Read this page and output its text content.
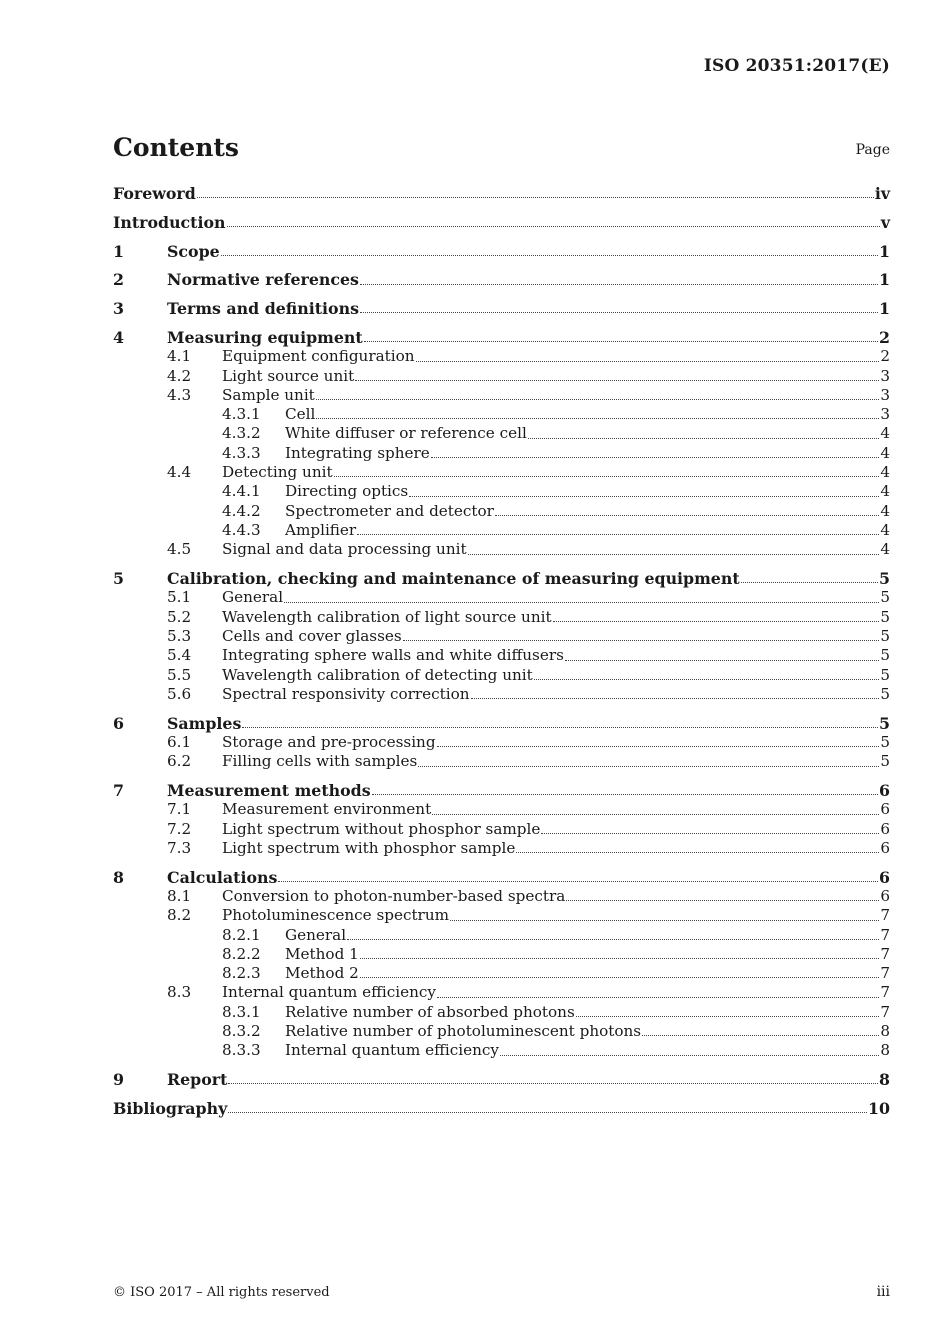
ISO 20351:2017(E)
Contents	Page
Foreword	iv
Introduction	v
1	Scope	1
2	Normative references	1
3	Terms and definitions	1
4	Measuring equipment	2
4.1	Equipment configuration	2
4.2	Light source unit	3
4.3	Sample unit	3
4.3.1	Cell	3
4.3.2	White diffuser or reference cell	4
4.3.3	Integrating sphere	4
4.4	Detecting unit	4
4.4.1	Directing optics	4
4.4.2	Spectrometer and detector	4
4.4.3	Amplifier	4
4.5	Signal and data processing unit	4
5	Calibration, checking and maintenance of measuring equipment	5
5.1	General	5
5.2	Wavelength calibration of light source unit	5
5.3	Cells and cover glasses	5
5.4	Integrating sphere walls and white diffusers	5
5.5	Wavelength calibration of detecting unit	5
5.6	Spectral responsivity correction	5
6	Samples	5
6.1	Storage and pre-processing	5
6.2	Filling cells with samples	5
7	Measurement methods	6
7.1	Measurement environment	6
7.2	Light spectrum without phosphor sample	6
7.3	Light spectrum with phosphor sample	6
8	Calculations	6
8.1	Conversion to photon-number-based spectra	6
8.2	Photoluminescence spectrum	7
8.2.1	General	7
8.2.2	Method 1	7
8.2.3	Method 2	7
8.3	Internal quantum efficiency	7
8.3.1	Relative number of absorbed photons	7
8.3.2	Relative number of photoluminescent photons	8
8.3.3	Internal quantum efficiency	8
9	Report	8
Bibliography	10
© ISO 2017 – All rights reserved	iii
